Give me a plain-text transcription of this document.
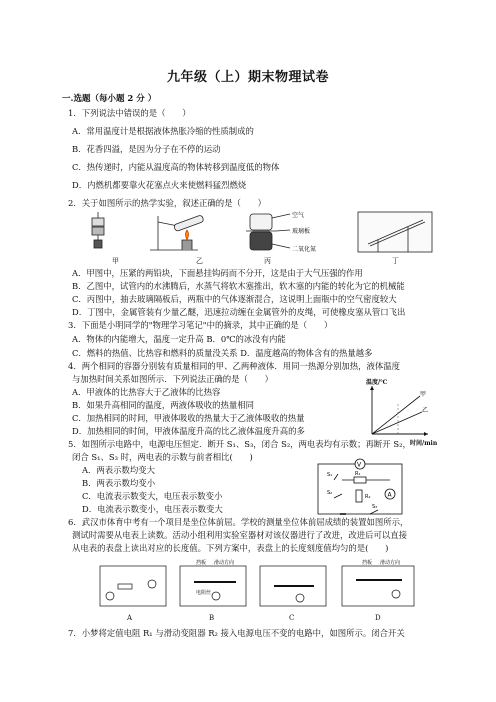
九年级（上）期末物理试卷
一.选题（每小题 2 分 ）
1．下列说法中错误的是（　　）
A．常用温度计是根据液体热胀冷缩的性质制成的
B．花香四溢，是因为分子在不停的运动
C．热传递时，内能从温度高的物体转移到温度低的物体
D．内燃机都要靠火花塞点火来使燃料猛烈燃烧
2．关于如图所示的热学实验，叙述正确的是（　　）
空气
玻璃板
二氧化氮
甲	乙	丙	丁
A．甲图中，压紧的两铅块，下面悬挂钩码而不分开，这是由于大气压强的作用
B．乙图中，试管内的水沸腾后，水蒸气将软木塞推出，软木塞的内能的转化为它的机械能
C．丙图中，抽去玻璃隔板后，两瓶中的气体逐渐混合，这说明上面瓶中的空气密度较大
D．丁图中，金属管装有少量乙醚，迅速拉动缠在金属管外的皮绳，可使橡皮塞从管口飞出
3．下面是小明同学的"物理学习笔记"中的摘录，其中正确的是（　　）
A．物体的内能增大，温度一定升高 B．0℃的冰没有内能
C．燃料的热值、比热容和燃料的质量没关系 D．温度越高的物体含有的热量越多
4．两个相同的容器分别装有质量相同的甲、乙两种液体．用同一热源分别加热，液体温度
与加热时间关系如图所示．下列说法正确的是（　　）
A．甲液体的比热容大于乙液体的比热容
B．如果升高相同的温度，两液体吸收的热量相同
C．加热相同的时间，甲液体吸收的热量大于乙液体吸收的热量
D．加热相同的时间，甲液体温度升高的比乙液体温度升高的多
甲
乙
温度/℃
时间/min
5．如图所示电路中，电源电压恒定．断开 S₁、S₃，闭合 S₂，两电表均有示数；再断开 S₂，
闭合 S₁、S₃ 时，两电表的示数与前者相比(　　)
A．两表示数均变大
B．两表示数均变小
C．电流表示数变大，电压表示数变小
D．电流表示数变小，电压表示数变大
V
R₁
R₂	A
S₁
S₂
S₃
6．武汉市体育中考有一个项目是坐位体前屈。学校的测量坐位体前屈成绩的装置如图所示，
测试时需要从电表上读数。活动小组利用实验室器材对该仪器进行了改进，改进后可以直接
从电表的表盘上读出对应的长度值。下列方案中，表盘上的长度刻度值均匀的是(　　)
挡板 滑动方向
电阻丝
挡板 滑动方向
A	B	C	D
7．小梦将定值电阻 R₁ 与滑动变阻器 R₂ 接入电源电压不变的电路中，如图所示。闭合开关
